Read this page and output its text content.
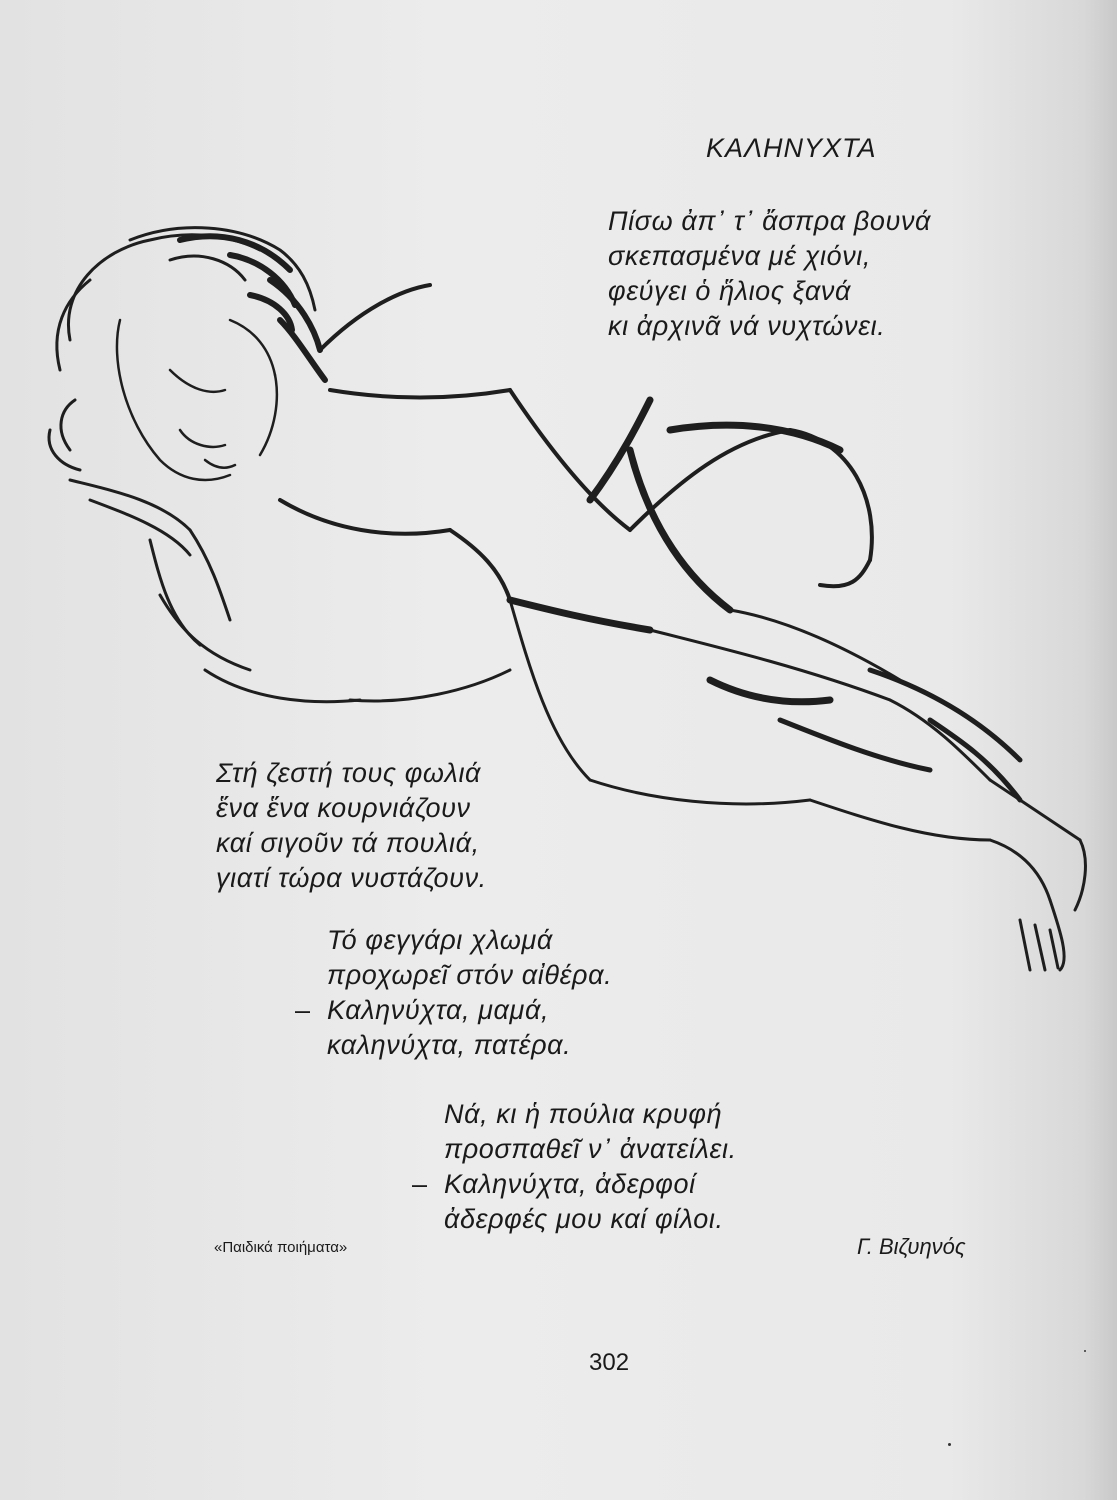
ΚΑΛΗΝΥΧΤΑ
Πίσω ἀπ᾽ τ᾽ ἄσπρα βουνά
σκεπασμένα μέ χιόνι,
φεύγει ὁ ἥλιος ξανά
κι ἀρχινᾶ νά νυχτώνει.
Στή ζεστή τους φωλιά
ἕνα ἕνα κουρνιάζουν
καί σιγοῦν τά πουλιά,
γιατί τώρα νυστάζουν.
Τό φεγγάρι χλωμά
προχωρεῖ στόν αἰθέρα.
– Καληνύχτα, μαμά,
καληνύχτα, πατέρα.
Νά, κι ἡ πούλια κρυφή
προσπαθεῖ ν᾽ ἀνατείλει.
– Καληνύχτα, ἀδερφοί
ἀδερφές μου καί φίλοι.
«Παιδικά ποιήματα»	Γ. Βιζυηνός
302
